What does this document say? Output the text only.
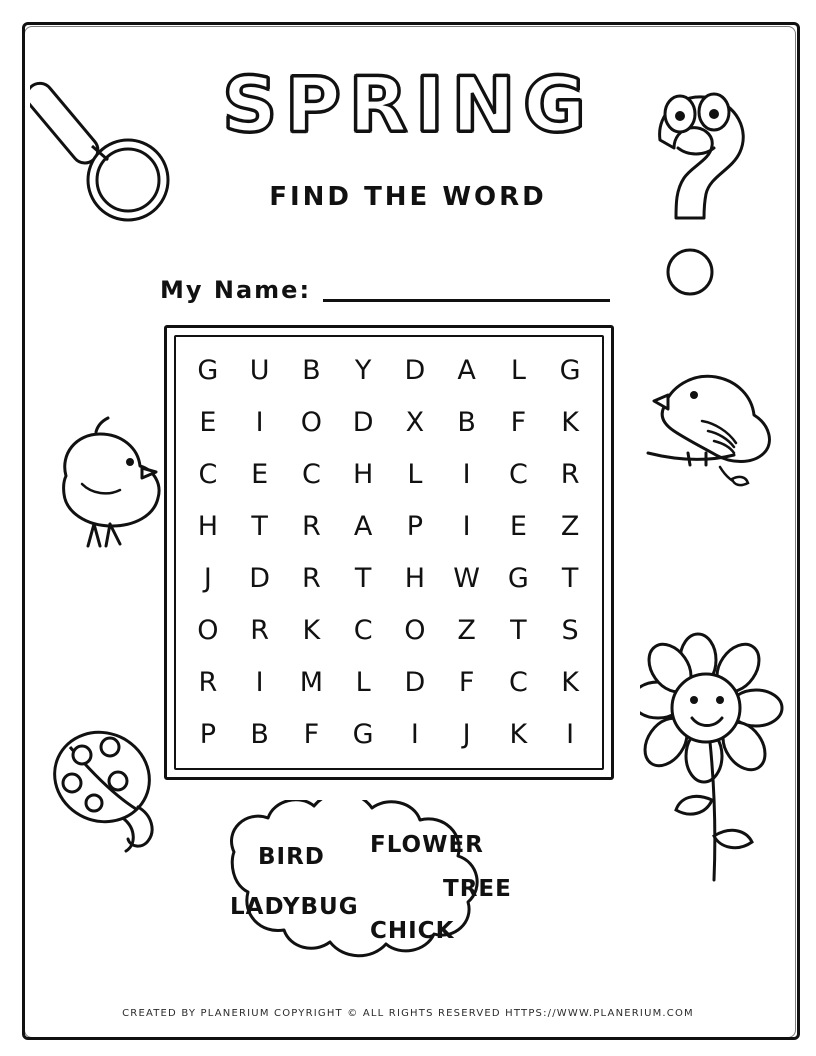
SPRING
FIND THE WORD
My Name:
G	U	B	Y	D	A	L	G
E	I	O	D	X	B	F	K
C	E	C	H	L	I	C	R
H	T	R	A	P	I	E	Z
J	D	R	T	H	W	G	T
O	R	K	C	O	Z	T	S
R	I	M	L	D	F	C	K
P	B	F	G	I	J	K	I
BIRD FLOWER
LADYBUG
TREE
CHICK
CREATED BY PLANERIUM COPYRIGHT © ALL RIGHTS RESERVED HTTPS://WWW.PLANERIUM.COM
